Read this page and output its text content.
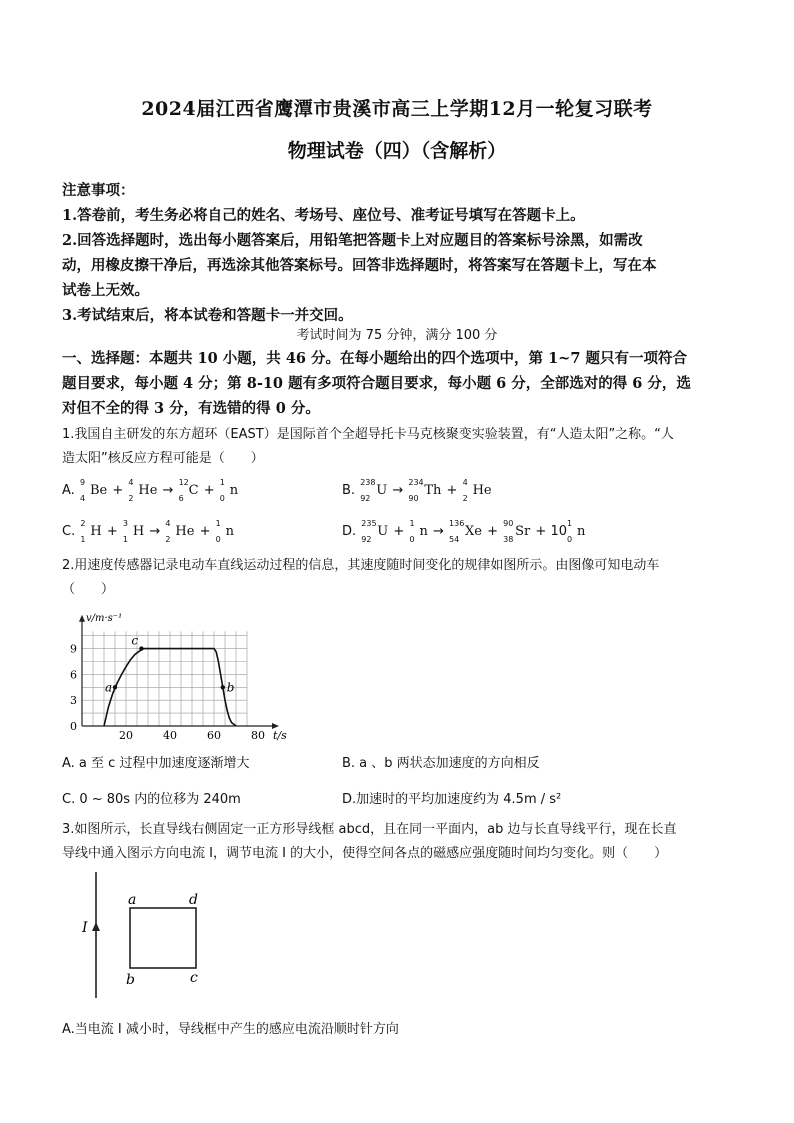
2024届江西省鹰潭市贵溪市高三上学期12月一轮复习联考
物理试卷（四）（含解析）
注意事项：
1.答卷前，考生务必将自己的姓名、考场号、座位号、准考证号填写在答题卡上。
2.回答选择题时，选出每小题答案后，用铅笔把答题卡上对应题目的答案标号涂黑，如需改
动，用橡皮擦干净后，再选涂其他答案标号。回答非选择题时，将答案写在答题卡上，写在本
试卷上无效。
3.考试结束后，将本试卷和答题卡一并交回。
考试时间为 75 分钟，满分 100 分
一、选择题：本题共 10 小题，共 46 分。在每小题给出的四个选项中，第 1~7 题只有一项符合
题目要求，每小题 4 分；第 8-10 题有多项符合题目要求，每小题 6 分，全部选对的得 6 分，选
对但不全的得 3 分，有选错的得 0 分。
1.我国自主研发的东方超环（EAST）是国际首个全超导托卡马克核聚变实验装置，有“人造太阳”之称。“人
造太阳”核反应方程可能是（　　）
A.
9
4
Be +
4
2
He →
12
6
C +
1
0
n	B.
238
92
U →
234
90
Th +
4
2
He
C.
2
1
H +
3
1
H →
4
2
He +
1
0
n	D.
235
92
U +
1
0
n →
136
54
Xe +
90
38
Sr + 10
1
0
n
2.用速度传感器记录电动车直线运动过程的信息，其速度随时间变化的规律如图所示。由图像可知电动车
（　　）
20	40	60	80
0
3
6
9
t/s
v/m·s⁻¹
a
c
b
A. a 至 c 过程中加速度逐渐增大	B. a 、b 两状态加速度的方向相反
C. 0 ~ 80s 内的位移为 240m	D.加速时的平均加速度约为 4.5m / s²
3.如图所示，长直导线右侧固定一正方形导线框 abcd，且在同一平面内，ab 边与长直导线平行，现在长直
导线中通入图示方向电流 I，调节电流 I 的大小，使得空间各点的磁感应强度随时间均匀变化。则（　　）
I
a	d
b	c
A.当电流 I 减小时，导线框中产生的感应电流沿顺时针方向
